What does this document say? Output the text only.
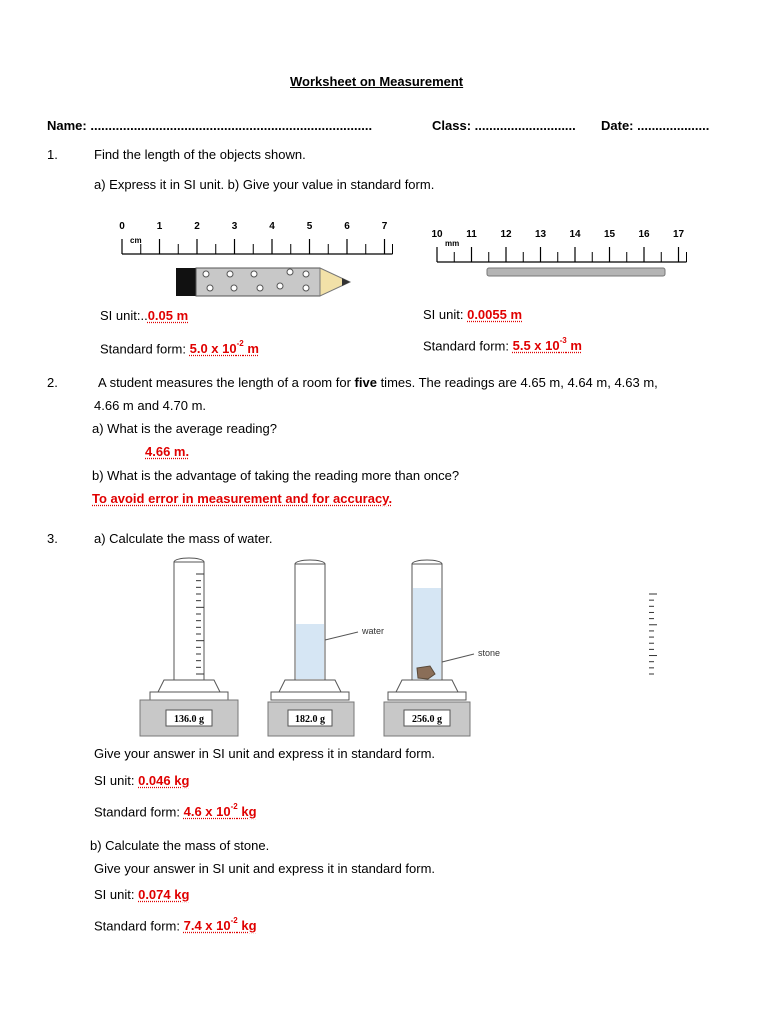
Worksheet on Measurement
Name: ..............................................................................	Class: ............................ Date: ....................
1.	Find the length of the objects shown.
a) Express it in SI unit. b) Give your value in standard form.
0	1	2	3	4	5	6	7
cm
10 11 12 13 14 15 16 17
mm
SI unit:..0.05 m
Standard form: 5.0 x $10^{-2}$ m
SI unit: 0.0055 m
Standard form: 5.5 x $10^{-3}$ m
2.	A student measures the length of a room for five times. The readings are 4.65 m, 4.64 m, 4.63 m,
4.66 m and 4.70 m.
a) What is the average reading?
4.66 m.
b) What is the advantage of taking the reading more than once?
To avoid error in measurement and for accuracy.
3.	a) Calculate the mass of water.
136.0 g	182.0 g
water
256.0 g
stone
Give your answer in SI unit and express it in standard form.
SI unit: 0.046 kg
Standard form: 4.6 x $10^{-2}$ kg
b) Calculate the mass of stone.
Give your answer in SI unit and express it in standard form.
SI unit: 0.074 kg
Standard form: 7.4 x $10^{-2}$ kg
